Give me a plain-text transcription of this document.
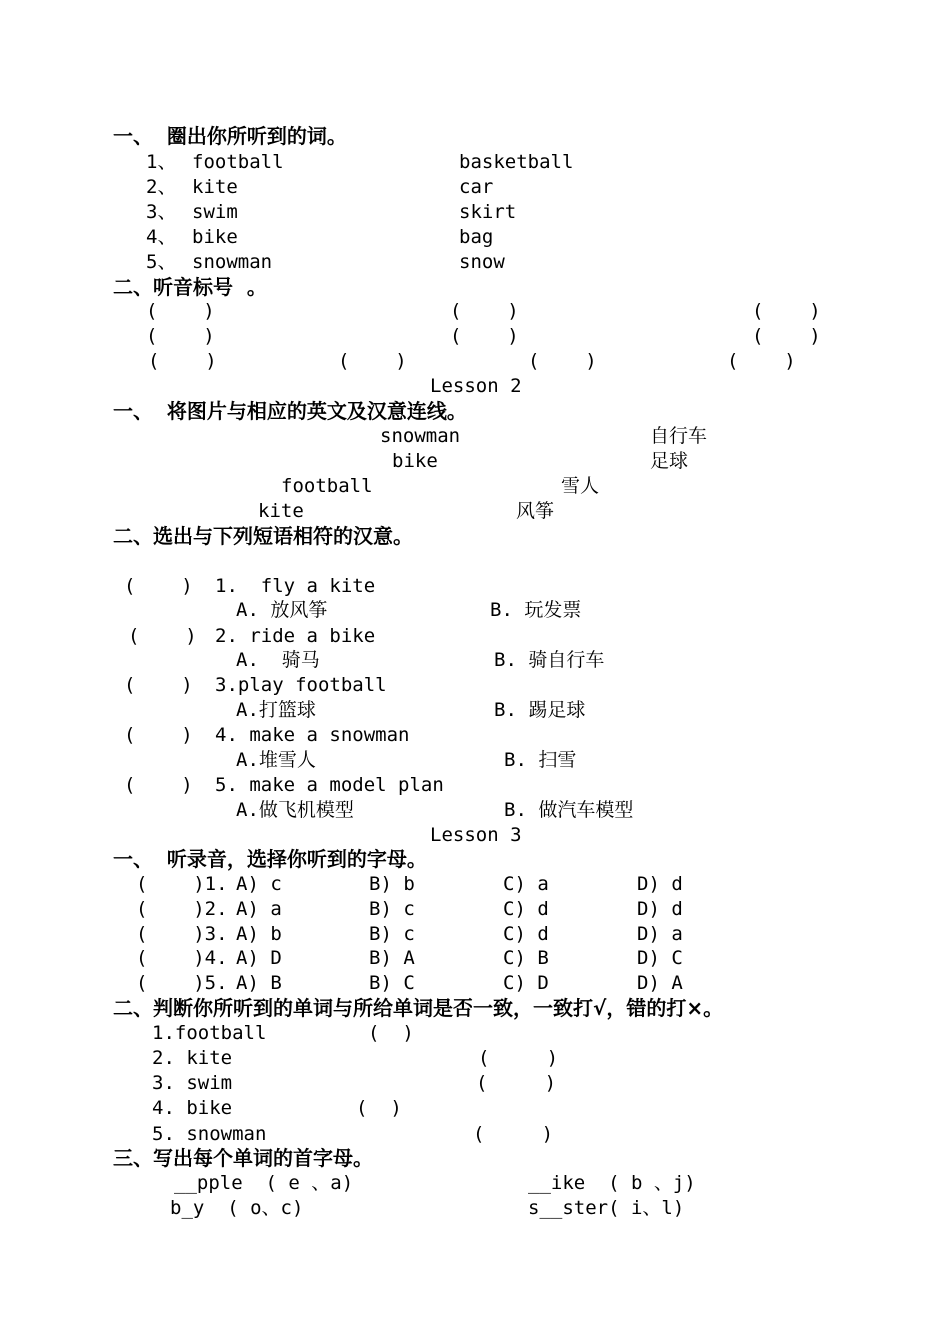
一、  圈出你所听到的词。
1、 football	basketball
2、 kite	car
3、 swim	skirt
4、 bike	bag
5、 snowman	snow
二、听音标号  。
(    )	(    )	(    )
(    )	(    )	(    )
(    )	(    )	(    )	(    )
Lesson 2
一、  将图片与相应的英文及汉意连线。
snowman	自行车
bike	足球
football	雪人
kite	风筝
二、选出与下列短语相符的汉意。
(    ) 1.  fly a kite
A. 放风筝	B. 玩发票
(    ) 2. ride a bike
A.  骑马	B. 骑自行车
(    ) 3.play football
A.打篮球	B. 踢足球
(    ) 4. make a snowman
A.堆雪人	B. 扫雪
(    ) 5. make a model plan
A.做飞机模型	B. 做汽车模型
Lesson 3
一、  听录音，选择你听到的字母。
(    )1. A) c	B) b	C) a	D) d
(    )2. A) a	B) c	C) d	D) d
(    )3. A) b	B) c	C) d	D) a
(    )4. A) D	B) A	C) B	D) C
(    )5. A) B	B) C	C) D	D) A
二、判断你所听到的单词与所给单词是否一致，一致打√，错的打×。
1.football	(  )
2. kite	(     )
3. swim	(     )
4. bike	(  )
5. snowman	(     )
三、写出每个单词的首字母。
__pple  ( e 、a)	__ike  ( b 、j)
b_y  ( o、c)	s__ster( i、l)
